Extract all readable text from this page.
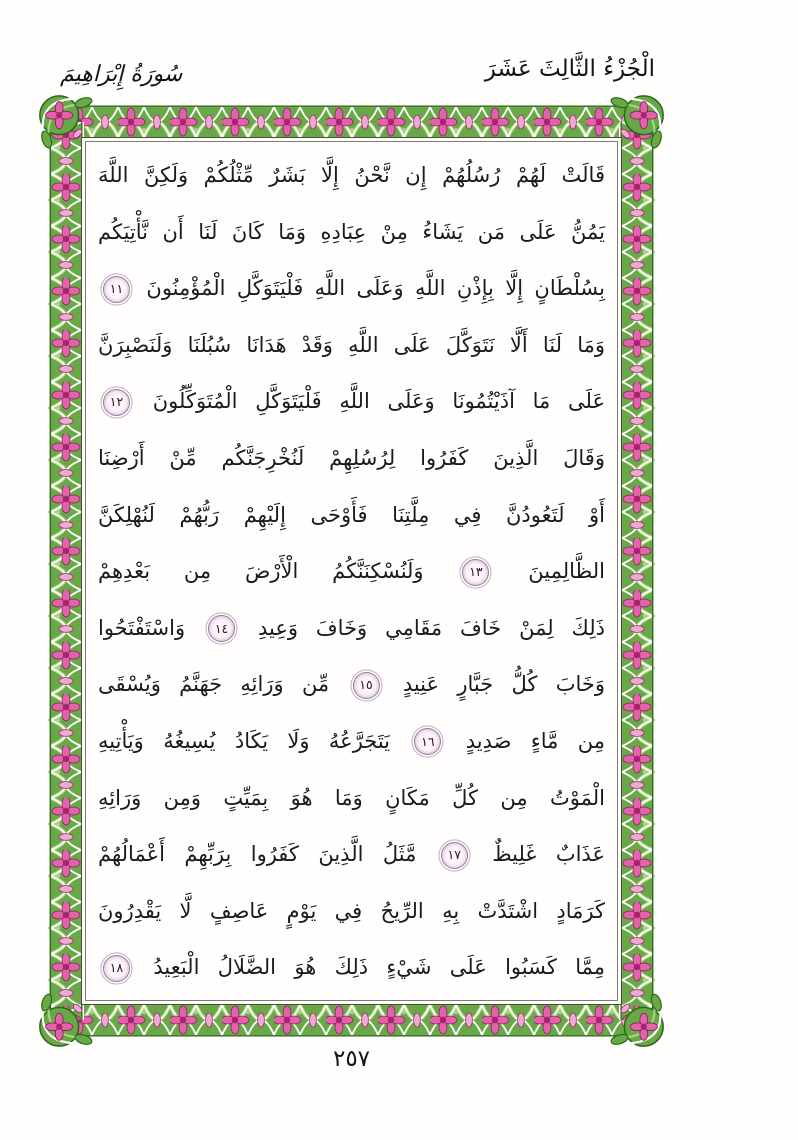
الْجُزْءُ الثَّالِثَ عَشَرَ
سُورَةُ إِبْرَاهِيمَ
قَالَتْ لَهُمْ رُسُلُهُمْ إِن نَّحْنُ إِلَّا بَشَرٌ مِّثْلُكُمْ وَلَكِنَّ اللَّهَ
يَمُنُّ عَلَى مَن يَشَاءُ مِنْ عِبَادِهِ وَمَا كَانَ لَنَا أَن نَّأْتِيَكُم
بِسُلْطَانٍ إِلَّا بِإِذْنِ اللَّهِ وَعَلَى اللَّهِ فَلْيَتَوَكَّلِ الْمُؤْمِنُونَ ١١
وَمَا لَنَا أَلَّا نَتَوَكَّلَ عَلَى اللَّهِ وَقَدْ هَدَانَا سُبُلَنَا وَلَنَصْبِرَنَّ
عَلَى مَا آذَيْتُمُونَا وَعَلَى اللَّهِ فَلْيَتَوَكَّلِ الْمُتَوَكِّلُونَ ١٢
وَقَالَ الَّذِينَ كَفَرُوا لِرُسُلِهِمْ لَنُخْرِجَنَّكُم مِّنْ أَرْضِنَا
أَوْ لَتَعُودُنَّ فِي مِلَّتِنَا فَأَوْحَى إِلَيْهِمْ رَبُّهُمْ لَنُهْلِكَنَّ
الظَّالِمِينَ ١٣ وَلَنُسْكِنَنَّكُمُ الْأَرْضَ مِن بَعْدِهِمْ
ذَلِكَ لِمَنْ خَافَ مَقَامِي وَخَافَ وَعِيدِ ١٤ وَاسْتَفْتَحُوا
وَخَابَ كُلُّ جَبَّارٍ عَنِيدٍ ١٥ مِّن وَرَائِهِ جَهَنَّمُ وَيُسْقَى
مِن مَّاءٍ صَدِيدٍ ١٦ يَتَجَرَّعُهُ وَلَا يَكَادُ يُسِيغُهُ وَيَأْتِيهِ
الْمَوْتُ مِن كُلِّ مَكَانٍ وَمَا هُوَ بِمَيِّتٍ وَمِن وَرَائِهِ
عَذَابٌ غَلِيظٌ ١٧ مَّثَلُ الَّذِينَ كَفَرُوا بِرَبِّهِمْ أَعْمَالُهُمْ
كَرَمَادٍ اشْتَدَّتْ بِهِ الرِّيحُ فِي يَوْمٍ عَاصِفٍ لَّا يَقْدِرُونَ
مِمَّا كَسَبُوا عَلَى شَيْءٍ ذَلِكَ هُوَ الضَّلَالُ الْبَعِيدُ ١٨
٢٥٧
